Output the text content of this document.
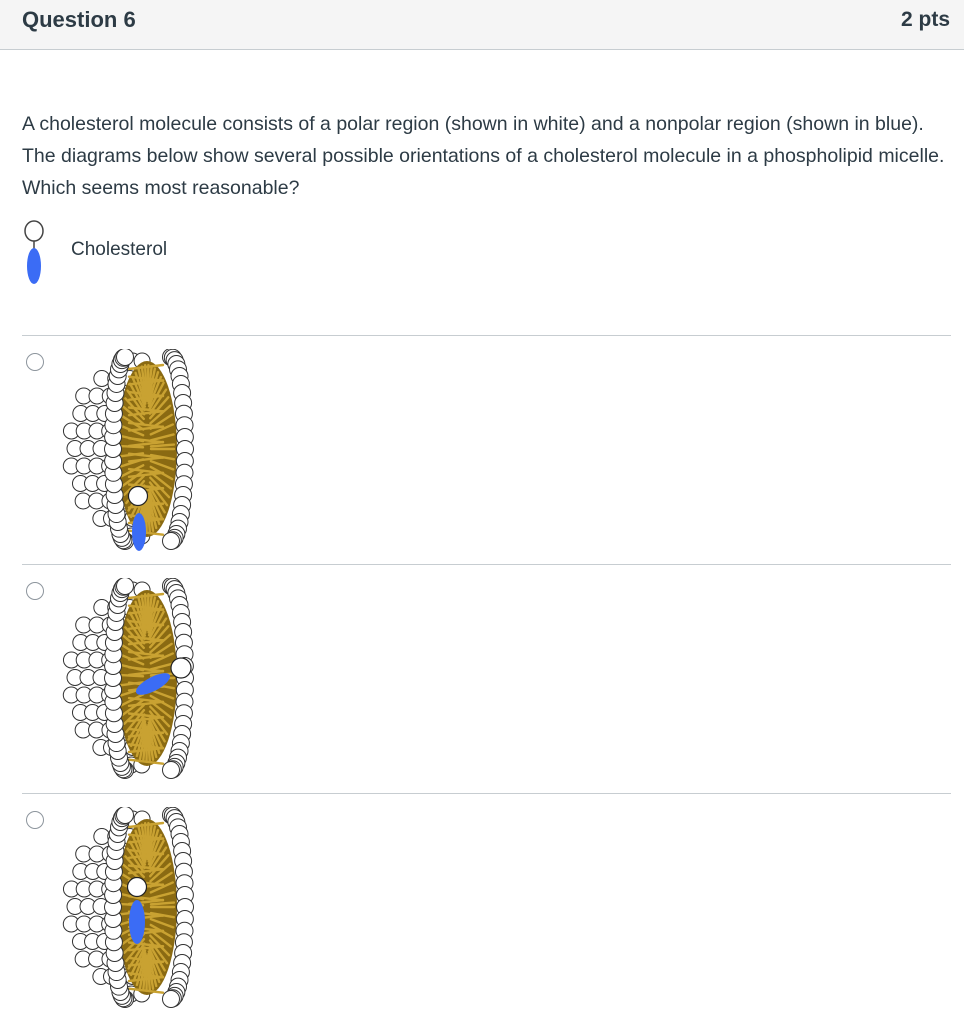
Question 6	2 pts
A cholesterol molecule consists of a polar region (shown in white) and a nonpolar region (shown in blue). The diagrams below show several possible orientations of a cholesterol molecule in a phospholipid micelle. Which seems most reasonable?
Cholesterol
